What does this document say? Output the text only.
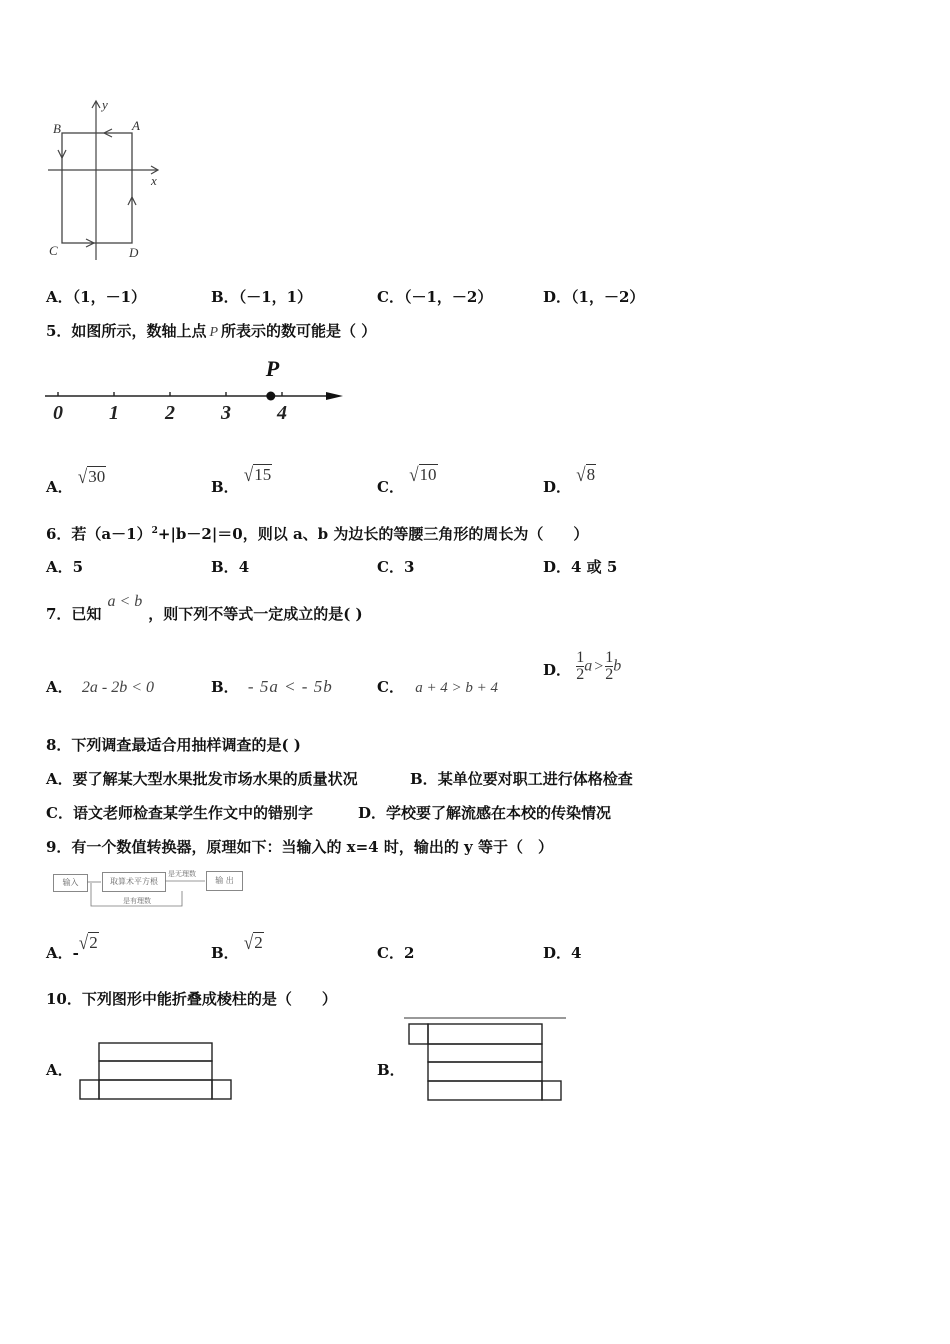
y
x
A
B
C	D
A．（1，－1）	B．（－1，1）	C．（－1，－2）	D．（1，－2）
5．如图所示，数轴上点 P 所表示的数可能是（ ）
0 1 2 3 4
P
A． √30
B． √15
C． √10
D． √8
6．若$(a-1)^2+|b-2|=0$，则以 a、b 为边长的等腰三角形的周长为（　　）
A．5	B．4	C．3	D．4 或 5
7．已知a < b，则下列不等式一定成立的是( )
A． 2a - 2b < 0	B． - 5a < - 5b	C． a + 4 > b + 4
D． $\frac{1}{2}$ $a > \frac{1}{2}$ b
8．下列调查最适合用抽样调查的是( )
A．要了解某大型水果批发市场水果的质量状况	B．某单位要对职工进行体格检查
C．语文老师检查某学生作文中的错别字	D．学校要了解流感在本校的传染情况
9．有一个数值转换器，原理如下：当输入的 x=4 时，输出的 y 等于（　）
输入	取算术平方根	输 出
是无理数
是有理数
A．-√2
B． √2
C．2	D．4
10．下列图形中能折叠成棱柱的是（　　）
A．	B．
